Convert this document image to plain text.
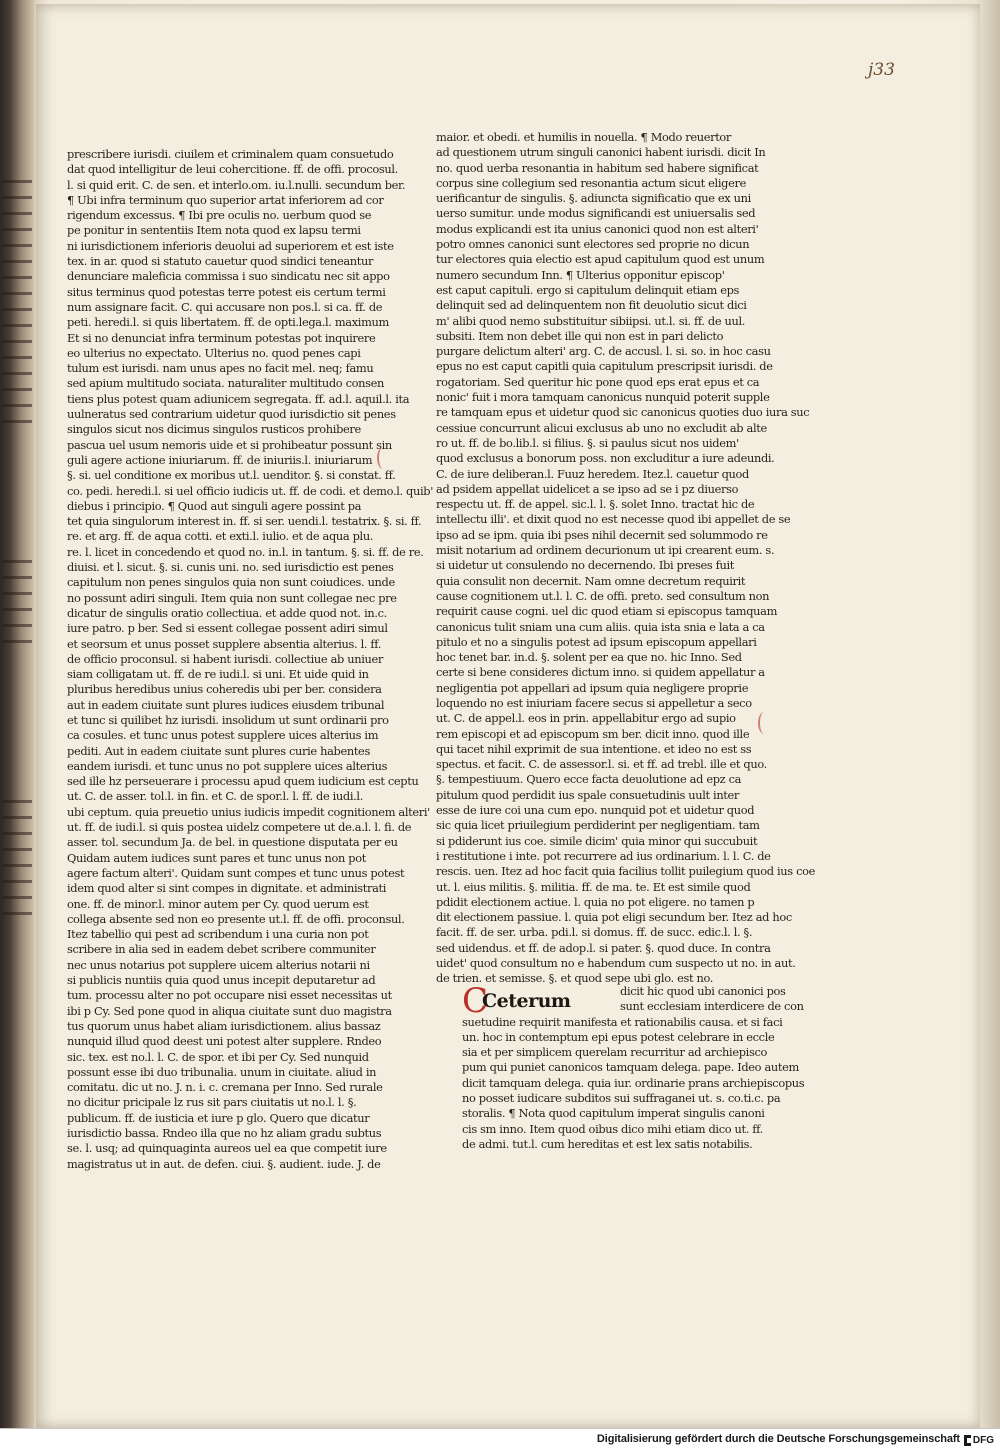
j33
prescribere iurisdi. ciuilem et criminalem quam consuetudo
dat quod intelligitur de leui cohercitione. ff. de offi. procosul.
l. si quid erit. C. de sen. et interlo.om. iu.l.nulli. secundum ber.
¶ Ubi infra terminum quo superior artat inferiorem ad cor
rigendum excessus. ¶ Ibi pre oculis no. uerbum quod se
pe ponitur in sententiis Item nota quod ex lapsu termi
ni iurisdictionem inferioris deuolui ad superiorem et est iste
tex. in ar. quod si statuto cauetur quod sindici teneantur
denunciare maleficia commissa i suo sindicatu nec sit appo
situs terminus quod potestas terre potest eis certum termi
num assignare facit. C. qui accusare non pos.l. si ca. ff. de
peti. heredi.l. si quis libertatem. ff. de opti.lega.l. maximum
Et si no denunciat infra terminum potestas pot inquirere
eo ulterius no expectato. Ulterius no. quod penes capi
tulum est iurisdi. nam unus apes no facit mel. neq; famu
sed apium multitudo sociata. naturaliter multitudo consen
tiens plus potest quam adiunicem segregata. ff. ad.l. aquil.l. ita
uulneratus sed contrarium uidetur quod iurisdictio sit penes
singulos sicut nos dicimus singulos rusticos prohibere
pascua uel usum nemoris uide et si prohibeatur possunt sin
guli agere actione iniuriarum. ff. de iniuriis.l. iniuriarum
§. si. uel conditione ex moribus ut.l. uenditor. §. si constat. ff.
co. pedi. heredi.l. si uel officio iudicis ut. ff. de codi. et demo.l. quib'
diebus i principio. ¶ Quod aut singuli agere possint pa
tet quia singulorum interest in. ff. si ser. uendi.l. testatrix. §. si. ff.
re. et arg. ff. de aqua cotti. et exti.l. iulio. et de aqua plu.
re. l. licet in concedendo et quod no. in.l. in tantum. §. si. ff. de re.
diuisi. et l. sicut. §. si. cunis uni. no. sed iurisdictio est penes
capitulum non penes singulos quia non sunt coiudices. unde
no possunt adiri singuli. Item quia non sunt collegae nec pre
dicatur de singulis oratio collectiua. et adde quod not. in.c.
iure patro. p ber. Sed si essent collegae possent adiri simul
et seorsum et unus posset supplere absentia alterius. l. ff.
de officio proconsul. si habent iurisdi. collectiue ab uniuer
siam colligatam ut. ff. de re iudi.l. si uni. Et uide quid in
pluribus heredibus unius coheredis ubi per ber. considera
aut in eadem ciuitate sunt plures iudices eiusdem tribunal
et tunc si quilibet hz iurisdi. insolidum ut sunt ordinarii pro
ca cosules. et tunc unus potest supplere uices alterius im
pediti. Aut in eadem ciuitate sunt plures curie habentes
eandem iurisdi. et tunc unus no pot supplere uices alterius
sed ille hz perseuerare i processu apud quem iudicium est ceptu
ut. C. de asser. tol.l. in fin. et C. de spor.l. l. ff. de iudi.l.
ubi ceptum. quia preuetio unius iudicis impedit cognitionem alteri'
ut. ff. de iudi.l. si quis postea uidelz competere ut de.a.l. l. fi. de
asser. tol. secundum Ja. de bel. in questione disputata per eu
Quidam autem iudices sunt pares et tunc unus non pot
agere factum alteri'. Quidam sunt compes et tunc unus potest
idem quod alter si sint compes in dignitate. et administrati
one. ff. de minor.l. minor autem per Cy. quod uerum est
collega absente sed non eo presente ut.l. ff. de offi. proconsul.
Itez tabellio qui pest ad scribendum i una curia non pot
scribere in alia sed in eadem debet scribere communiter
nec unus notarius pot supplere uicem alterius notarii ni
si publicis nuntiis quia quod unus incepit deputaretur ad
tum. processu alter no pot occupare nisi esset necessitas ut
ibi p Cy. Sed pone quod in aliqua ciuitate sunt duo magistra
tus quorum unus habet aliam iurisdictionem. alius bassaz
nunquid illud quod deest uni potest alter supplere. Rndeo
sic. tex. est no.l. l. C. de spor. et ibi per Cy. Sed nunquid
possunt esse ibi duo tribunalia. unum in ciuitate. aliud in
comitatu. dic ut no. J. n. i. c. cremana per Inno. Sed rurale
no dicitur pricipale lz rus sit pars ciuitatis ut no.l. l. §.
publicum. ff. de iusticia et iure p glo. Quero que dicatur
iurisdictio bassa. Rndeo illa que no hz aliam gradu subtus
se. l. usq; ad quinquaginta aureos uel ea que competit iure
magistratus ut in aut. de defen. ciui. §. audient. iude. J. de
maior. et obedi. et humilis in nouella. ¶ Modo reuertor
ad questionem utrum singuli canonici habent iurisdi. dicit In
no. quod uerba resonantia in habitum sed habere significat
corpus sine collegium sed resonantia actum sicut eligere
uerificantur de singulis. §. adiuncta significatio que ex uni
uerso sumitur. unde modus significandi est uniuersalis sed
modus explicandi est ita unius canonici quod non est alteri'
potro omnes canonici sunt electores sed proprie no dicun
tur electores quia electio est apud capitulum quod est unum
numero secundum Inn. ¶ Ulterius opponitur episcop'
est caput capituli. ergo si capitulum delinquit etiam eps
delinquit sed ad delinquentem non fit deuolutio sicut dici
m' alibi quod nemo substituitur sibiipsi. ut.l. si. ff. de uul.
subsiti. Item non debet ille qui non est in pari delicto
purgare delictum alteri' arg. C. de accusl. l. si. so. in hoc casu
epus no est caput capitli quia capitulum prescripsit iurisdi. de
rogatoriam. Sed queritur hic pone quod eps erat epus et ca
nonic' fuit i mora tamquam canonicus nunquid poterit supple
re tamquam epus et uidetur quod sic canonicus quoties duo iura suc
cessiue concurrunt alicui exclusus ab uno no excludit ab alte
ro ut. ff. de bo.lib.l. si filius. §. si paulus sicut nos uidem'
quod exclusus a bonorum poss. non excluditur a iure adeundi.
C. de iure deliberan.l. Fuuz heredem. Itez.l. cauetur quod
ad psidem appellat uidelicet a se ipso ad se i pz diuerso
respectu ut. ff. de appel. sic.l. l. §. solet Inno. tractat hic de
intellectu illi'. et dixit quod no est necesse quod ibi appellet de se
ipso ad se ipm. quia ibi pses nihil decernit sed solummodo re
misit notarium ad ordinem decurionum ut ipi crearent eum. s.
si uidetur ut consulendo no decernendo. Ibi preses fuit
quia consulit non decernit. Nam omne decretum requirit
cause cognitionem ut.l. l. C. de offi. preto. sed consultum non
requirit cause cogni. uel dic quod etiam si episcopus tamquam
canonicus tulit sniam una cum aliis. quia ista snia e lata a ca
pitulo et no a singulis potest ad ipsum episcopum appellari
hoc tenet bar. in.d. §. solent per ea que no. hic Inno. Sed
certe si bene consideres dictum inno. si quidem appellatur a
negligentia pot appellari ad ipsum quia negligere proprie
loquendo no est iniuriam facere secus si appelletur a seco
ut. C. de appel.l. eos in prin. appellabitur ergo ad supio
rem episcopi et ad episcopum sm ber. dicit inno. quod ille
qui tacet nihil exprimit de sua intentione. et ideo no est ss
spectus. et facit. C. de assessor.l. si. et ff. ad trebl. ille et quo.
§. tempestiuum. Quero ecce facta deuolutione ad epz ca
pitulum quod perdidit ius spale consuetudinis uult inter
esse de iure coi una cum epo. nunquid pot et uidetur quod
sic quia licet priuilegium perdiderint per negligentiam. tam
si pdiderunt ius coe. simile dicim' quia minor qui succubuit
i restitutione i inte. pot recurrere ad ius ordinarium. l. l. C. de
rescis. uen. Itez ad hoc facit quia facilius tollit puilegium quod ius coe
ut. l. eius militis. §. militia. ff. de ma. te. Et est simile quod
pdidit electionem actiue. l. quia no pot eligere. no tamen p
dit electionem passiue. l. quia pot eligi secundum ber. Itez ad hoc
facit. ff. de ser. urba. pdi.l. si domus. ff. de succ. edic.l. l. §.
sed uidendus. et ff. de adop.l. si pater. §. quod duce. In contra
uidet' quod consultum no e habendum cum suspecto ut no. in aut.
de trien. et semisse. §. et quod sepe ubi glo. est no.
dicit hic quod ubi canonici pos
sunt ecclesiam interdicere de con
suetudine requirit manifesta et rationabilis causa. et si faci
un. hoc in contemptum epi epus potest celebrare in eccle
sia et per simplicem querelam recurritur ad archiepisco
pum qui puniet canonicos tamquam delega. pape. Ideo autem
dicit tamquam delega. quia iur. ordinarie prans archiepiscopus
no posset iudicare subditos sui suffraganei ut. s. co.ti.c. pa
storalis. ¶ Nota quod capitulum imperat singulis canoni
cis sm inno. Item quod oibus dico mihi etiam dico ut. ff.
de admi. tut.l. cum hereditas et est lex satis notabilis.
C
Ceterum
Digitalisierung gefördert durch die Deutsche Forschungsgemeinschaft DFG
